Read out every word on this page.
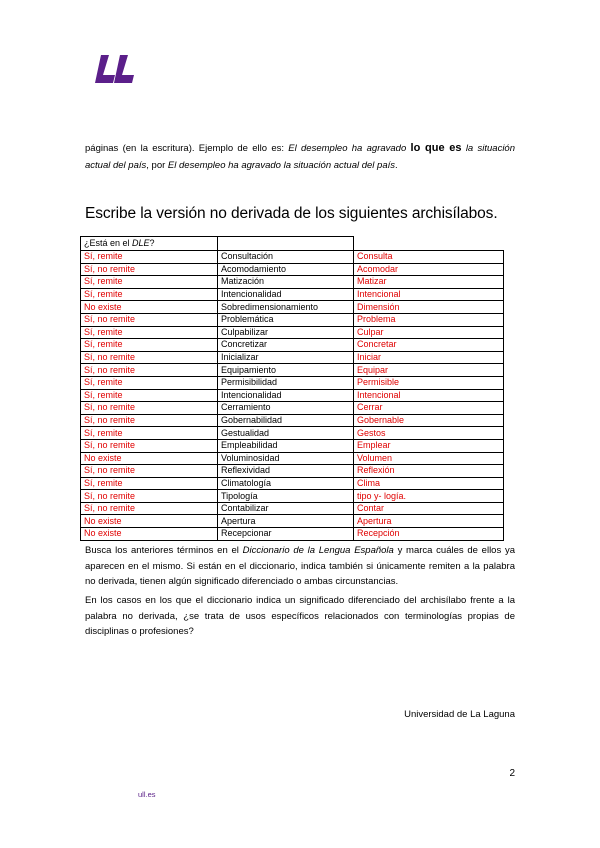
páginas (en la escritura). Ejemplo de ello es: El desempleo ha agravado lo que es la situación actual del país, por El desempleo ha agravado la situación actual del país.
Escribe la versión no derivada de los siguientes archisílabos.
¿Está en el DLE?		
Sí, remite	Consultación	Consulta
Sí, no remite	Acomodamiento	Acomodar
Sí, remite	Matización	Matizar
Sí, remite	Intencionalidad	Intencional
No existe	Sobredimensionamiento	Dimensión
Sí, no remite	Problemática	Problema
Sí, remite	Culpabilizar	Culpar
Sí, remite	Concretizar	Concretar
Sí, no remite	Inicializar	Iniciar
Sí, no remite	Equipamiento	Equipar
Sí, remite	Permisibilidad	Permisible
Sí, remite	Intencionalidad	Intencional
Sí, no remite	Cerramiento	Cerrar
Sí, no remite	Gobernabilidad	Gobernable
Sí, remite	Gestualidad	Gestos
Sí, no remite	Empleabilidad	Emplear
No existe	Voluminosidad	Volumen
Sí, no remite	Reflexividad	Reflexión
Sí, remite	Climatología	Clima
Sí, no remite	Tipología	tipo y- logía.
Sí, no remite	Contabilizar	Contar
No existe	Apertura	Apertura
No existe	Recepcionar	Recepción
Busca los anteriores términos en el Diccionario de la Lengua Española y marca cuáles de ellos ya aparecen en el mismo. Si están en el diccionario, indica también si únicamente remiten a la palabra no derivada, tienen algún significado diferenciado o ambas circunstancias.
En los casos en los que el diccionario indica un significado diferenciado del archisílabo frente a la palabra no derivada, ¿se trata de usos específicos relacionados con terminologías propias de disciplinas o profesiones?
Universidad de La Laguna
2
ull.es
